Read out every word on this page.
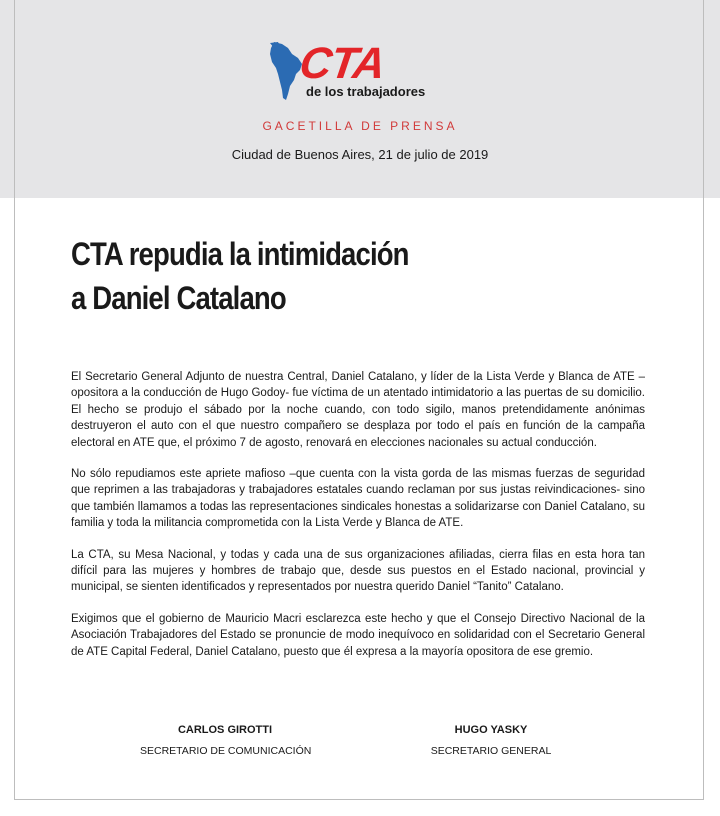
CTA
de los trabajadores
GACETILLA DE PRENSA
Ciudad de Buenos Aires, 21 de julio de 2019
CTA repudia la intimidación
a Daniel Catalano

El Secretario General Adjunto de nuestra Central, Daniel Catalano, y líder de la Lista Verde y Blanca de ATE –opositora a la conducción de Hugo Godoy- fue víctima de un atentado intimidatorio a las puertas de su domicilio. El hecho se produjo el sábado por la noche cuando, con todo sigilo, manos pretendidamente anónimas destruyeron el auto con el que nuestro compañero se desplaza por todo el país en función de la campaña electoral en ATE que, el próximo 7 de agosto, renovará en elecciones nacionales su actual conducción.

No sólo repudiamos este apriete mafioso –que cuenta con la vista gorda de las mismas fuerzas de seguridad que reprimen a las trabajadoras y trabajadores estatales cuando reclaman por sus justas reivindicaciones- sino que también llamamos a todas las representaciones sindicales honestas a solidarizarse con Daniel Catalano, su familia y toda la militancia comprometida con la Lista Verde y Blanca de ATE.

La CTA, su Mesa Nacional, y todas y cada una de sus organizaciones afiliadas, cierra filas en esta hora tan difícil para las mujeres y hombres de trabajo que, desde sus puestos en el Estado nacional, provincial y municipal, se sienten identificados y representados por nuestra querido Daniel “Tanito” Catalano.

Exigimos que el gobierno de Mauricio Macri esclarezca este hecho y que el Consejo Directivo Nacional de la Asociación Trabajadores del Estado se pronuncie de modo inequívoco en solidaridad con el Secretario General de ATE Capital Federal, Daniel Catalano, puesto que él expresa a la mayoría opositora de ese gremio.

CARLOS GIROTTI
SECRETARIO DE COMUNICACIÓN
HUGO YASKY
SECRETARIO GENERAL
